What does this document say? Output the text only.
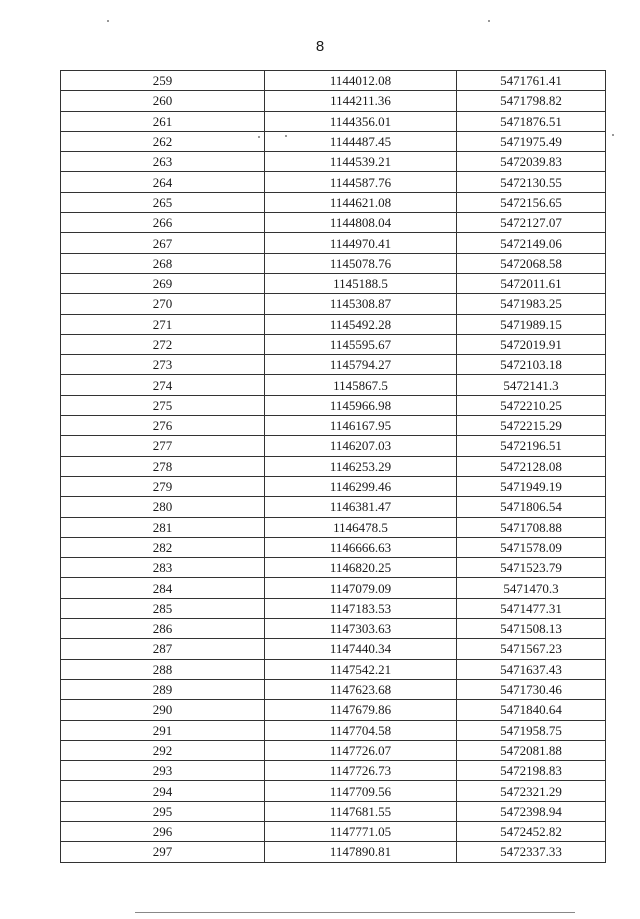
8
259	1144012.08	5471761.41
260	1144211.36	5471798.82
261	1144356.01	5471876.51
262	1144487.45	5471975.49
263	1144539.21	5472039.83
264	1144587.76	5472130.55
265	1144621.08	5472156.65
266	1144808.04	5472127.07
267	1144970.41	5472149.06
268	1145078.76	5472068.58
269	1145188.5	5472011.61
270	1145308.87	5471983.25
271	1145492.28	5471989.15
272	1145595.67	5472019.91
273	1145794.27	5472103.18
274	1145867.5	5472141.3
275	1145966.98	5472210.25
276	1146167.95	5472215.29
277	1146207.03	5472196.51
278	1146253.29	5472128.08
279	1146299.46	5471949.19
280	1146381.47	5471806.54
281	1146478.5	5471708.88
282	1146666.63	5471578.09
283	1146820.25	5471523.79
284	1147079.09	5471470.3
285	1147183.53	5471477.31
286	1147303.63	5471508.13
287	1147440.34	5471567.23
288	1147542.21	5471637.43
289	1147623.68	5471730.46
290	1147679.86	5471840.64
291	1147704.58	5471958.75
292	1147726.07	5472081.88
293	1147726.73	5472198.83
294	1147709.56	5472321.29
295	1147681.55	5472398.94
296	1147771.05	5472452.82
297	1147890.81	5472337.33
